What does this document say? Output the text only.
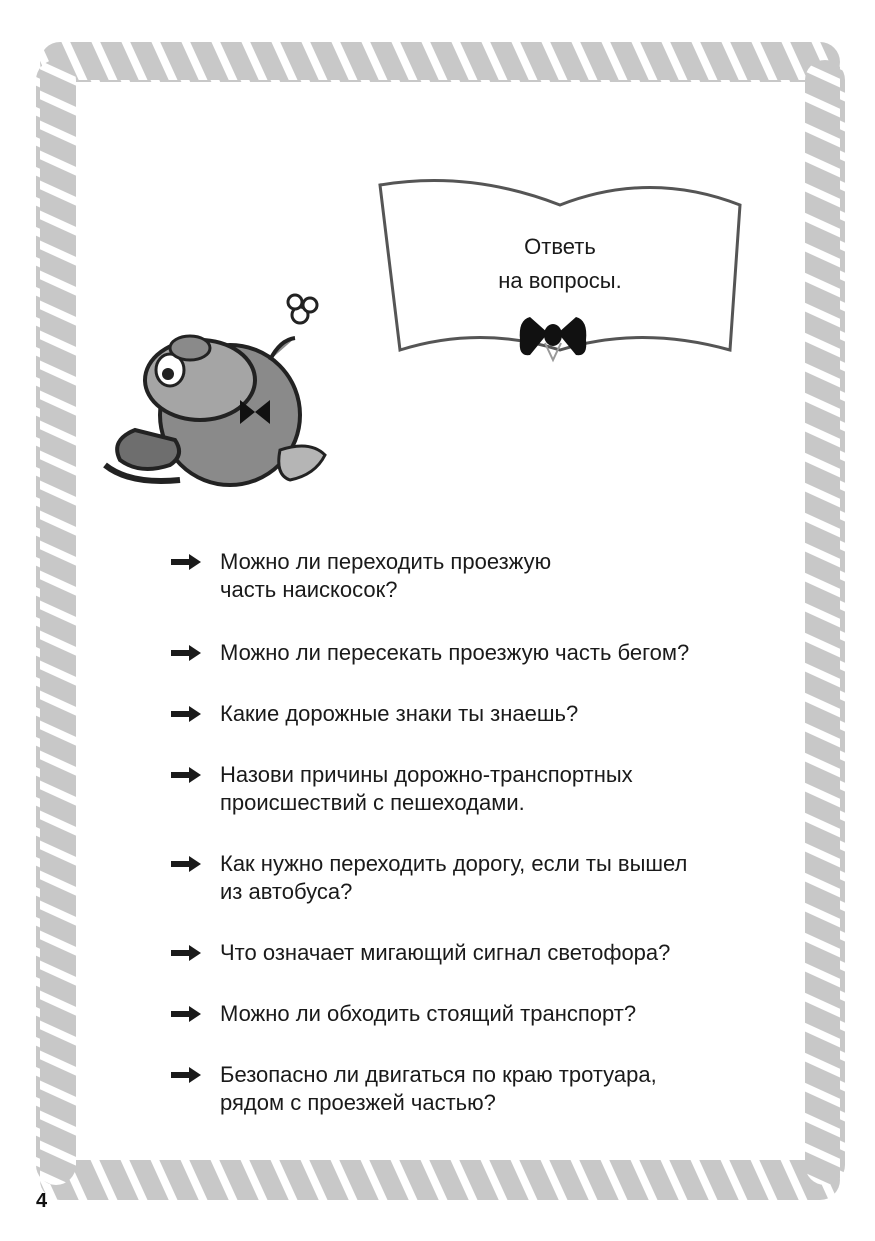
Ответь
на вопросы.
Можно ли переходить проезжую
часть наискосок?
Можно ли пересекать проезжую часть бегом?
Какие дорожные знаки ты знаешь?
Назови причины дорожно-транспортных
происшествий с пешеходами.
Как нужно переходить дорогу, если ты вышел
из автобуса?
Что означает мигающий сигнал светофора?
Можно ли обходить стоящий транспорт?
Безопасно ли двигаться по краю тротуара,
рядом с проезжей частью?
4
